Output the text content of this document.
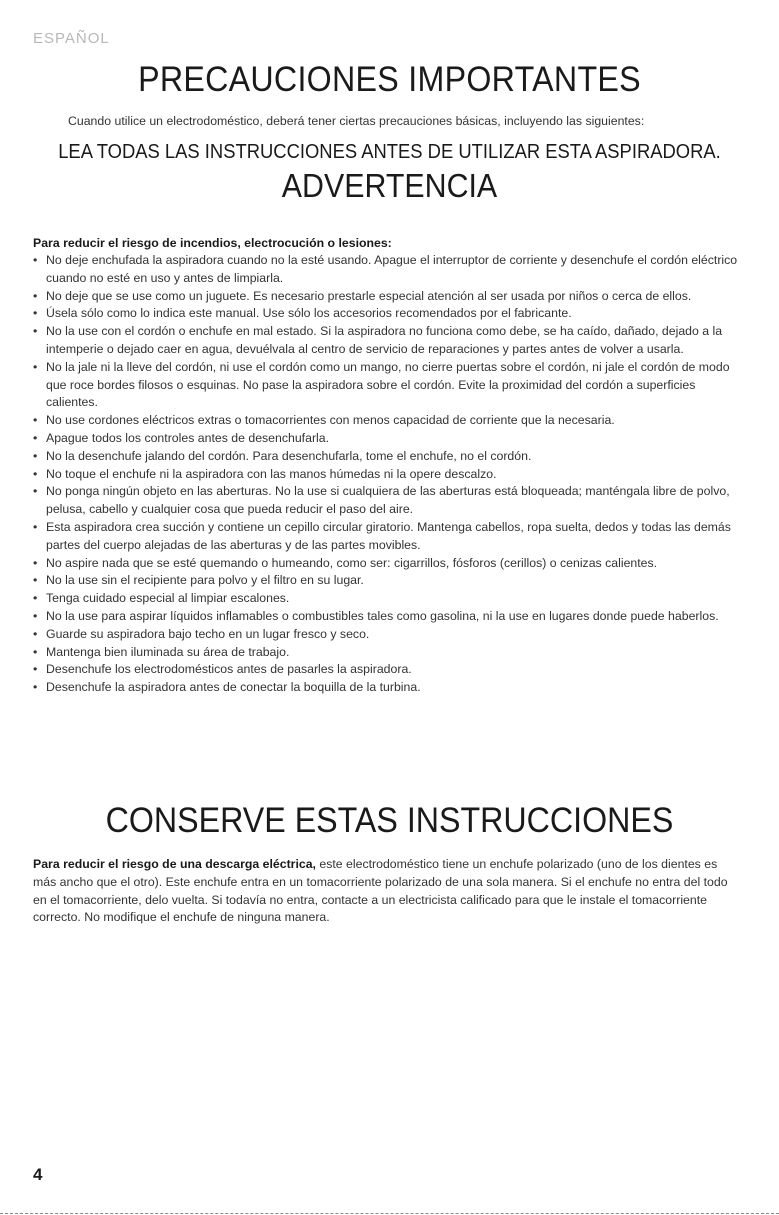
ESPAÑOL
PRECAUCIONES IMPORTANTES
Cuando utilice un electrodoméstico, deberá tener ciertas precauciones básicas, incluyendo las siguientes:
LEA TODAS LAS INSTRUCCIONES ANTES DE UTILIZAR ESTA ASPIRADORA.
ADVERTENCIA
Para reducir el riesgo de incendios, electrocución o lesiones:
• No deje enchufada la aspiradora cuando no la esté usando. Apague el interruptor de corriente y desenchufe el cordón eléctrico cuando no esté en uso y antes de limpiarla.
• No deje que se use como un juguete. Es necesario prestarle especial atención al ser usada por niños o cerca de ellos.
• Úsela sólo como lo indica este manual. Use sólo los accesorios recomendados por el fabricante.
• No la use con el cordón o enchufe en mal estado. Si la aspiradora no funciona como debe, se ha caído, dañado, dejado a la intemperie o dejado caer en agua, devuélvala al centro de servicio de reparaciones y partes antes de volver a usarla.
• No la jale ni la lleve del cordón, ni use el cordón como un mango, no cierre puertas sobre el cordón, ni jale el cordón de modo que roce bordes filosos o esquinas. No pase la aspiradora sobre el cordón. Evite la proximidad del cordón a superficies calientes.
• No use cordones eléctricos extras o tomacorrientes con menos capacidad de corriente que la necesaria.
• Apague todos los controles antes de desenchufarla.
• No la desenchufe jalando del cordón. Para desenchufarla, tome el enchufe, no el cordón.
• No toque el enchufe ni la aspiradora con las manos húmedas ni la opere descalzo.
• No ponga ningún objeto en las aberturas. No la use si cualquiera de las aberturas está bloqueada; manténgala libre de polvo, pelusa, cabello y cualquier cosa que pueda reducir el paso del aire.
• Esta aspiradora crea succión y contiene un cepillo circular giratorio. Mantenga cabellos, ropa suelta, dedos y todas las demás partes del cuerpo alejadas de las aberturas y de las partes movibles.
• No aspire nada que se esté quemando o humeando, como ser: cigarrillos, fósforos (cerillos) o cenizas calientes.
• No la use sin el recipiente para polvo y el filtro en su lugar.
• Tenga cuidado especial al limpiar escalones.
• No la use para aspirar líquidos inflamables o combustibles tales como gasolina, ni la use en lugares donde puede haberlos.
• Guarde su aspiradora bajo techo en un lugar fresco y seco.
• Mantenga bien iluminada su área de trabajo.
• Desenchufe los electrodomésticos antes de pasarles la aspiradora.
• Desenchufe la aspiradora antes de conectar la boquilla de la turbina.
CONSERVE ESTAS INSTRUCCIONES
Para reducir el riesgo de una descarga eléctrica, este electrodoméstico tiene un enchufe polarizado (uno de los dientes es más ancho que el otro). Este enchufe entra en un tomacorriente polarizado de una sola manera. Si el enchufe no entra del todo en el tomacorriente, delo vuelta. Si todavía no entra, contacte a un electricista calificado para que le instale el tomacorriente correcto. No modifique el enchufe de ninguna manera.
4
